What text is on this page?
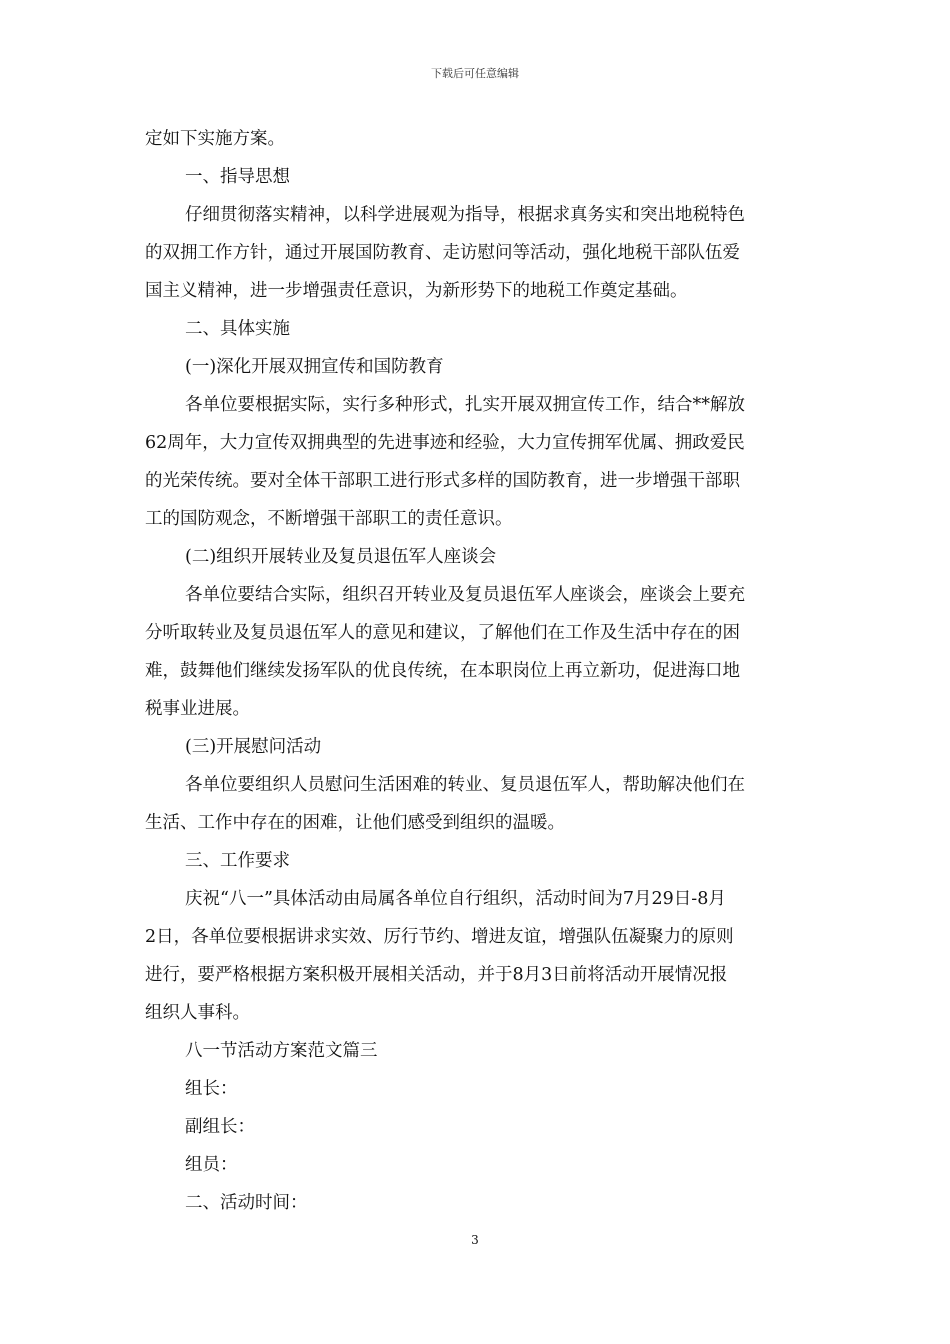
下载后可任意编辑

定如下实施方案。

一、指导思想

仔细贯彻落实精神，以科学进展观为指导，根据求真务实和突出地税特色

的双拥工作方针，通过开展国防教育、走访慰问等活动，强化地税干部队伍爱

国主义精神，进一步增强责任意识，为新形势下的地税工作奠定基础。

二、具体实施

(一)深化开展双拥宣传和国防教育

各单位要根据实际，实行多种形式，扎实开展双拥宣传工作，结合**解放

62周年，大力宣传双拥典型的先进事迹和经验，大力宣传拥军优属、拥政爱民

的光荣传统。要对全体干部职工进行形式多样的国防教育，进一步增强干部职

工的国防观念，不断增强干部职工的责任意识。

(二)组织开展转业及复员退伍军人座谈会

各单位要结合实际，组织召开转业及复员退伍军人座谈会，座谈会上要充

分听取转业及复员退伍军人的意见和建议，了解他们在工作及生活中存在的困

难，鼓舞他们继续发扬军队的优良传统，在本职岗位上再立新功，促进海口地

税事业进展。

(三)开展慰问活动

各单位要组织人员慰问生活困难的转业、复员退伍军人，帮助解决他们在

生活、工作中存在的困难，让他们感受到组织的温暖。

三、工作要求

庆祝“八一”具体活动由局属各单位自行组织，活动时间为7月29日-8月

2日，各单位要根据讲求实效、厉行节约、增进友谊，增强队伍凝聚力的原则

进行，要严格根据方案积极开展相关活动，并于8月3日前将活动开展情况报

组织人事科。

八一节活动方案范文篇三

组长：

副组长：

组员：

二、活动时间：

3
